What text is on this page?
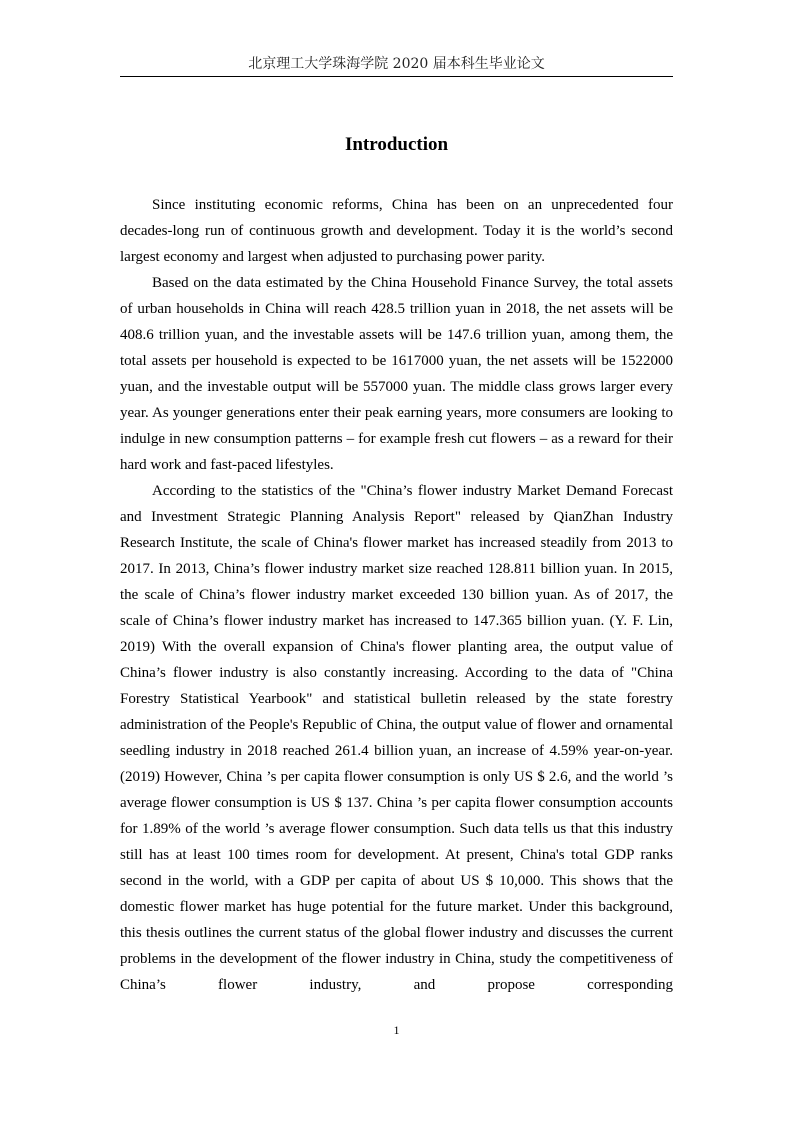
北京理工大学珠海学院 2020 届本科生毕业论文
Introduction

Since instituting economic reforms, China has been on an unprecedented four decades-long run of continuous growth and development. Today it is the world’s second largest economy and largest when adjusted to purchasing power parity.

Based on the data estimated by the China Household Finance Survey, the total assets of urban households in China will reach 428.5 trillion yuan in 2018, the net assets will be 408.6 trillion yuan, and the investable assets will be 147.6 trillion yuan, among them, the total assets per household is expected to be 1617000 yuan, the net assets will be 1522000 yuan, and the investable output will be 557000 yuan. The middle class grows larger every year. As younger generations enter their peak earning years, more consumers are looking to indulge in new consumption patterns – for example fresh cut flowers – as a reward for their hard work and fast-paced lifestyles.

According to the statistics of the "China’s flower industry Market Demand Forecast and Investment Strategic Planning Analysis Report" released by QianZhan Industry Research Institute, the scale of China's flower market has increased steadily from 2013 to 2017. In 2013, China’s flower industry market size reached 128.811 billion yuan. In 2015, the scale of China’s flower industry market exceeded 130 billion yuan. As of 2017, the scale of China’s flower industry market has increased to 147.365 billion yuan. (Y. F. Lin, 2019) With the overall expansion of China's flower planting area, the output value of China’s flower industry is also constantly increasing. According to the data of "China Forestry Statistical Yearbook" and statistical bulletin released by the state forestry administration of the People's Republic of China, the output value of flower and ornamental seedling industry in 2018 reached 261.4 billion yuan, an increase of 4.59% year-on-year. (2019) However, China ’s per capita flower consumption is only US $ 2.6, and the world ’s average flower consumption is US $ 137. China ’s per capita flower consumption accounts for 1.89% of the world ’s average flower consumption. Such data tells us that this industry still has at least 100 times room for development. At present, China's total GDP ranks second in the world, with a GDP per capita of about US $ 10,000. This shows that the domestic flower market has huge potential for the future market. Under this background, this thesis outlines the current status of the global flower industry and discusses the current problems in the development of the flower industry in China, study the competitiveness of China’s flower industry, and propose corresponding

1
